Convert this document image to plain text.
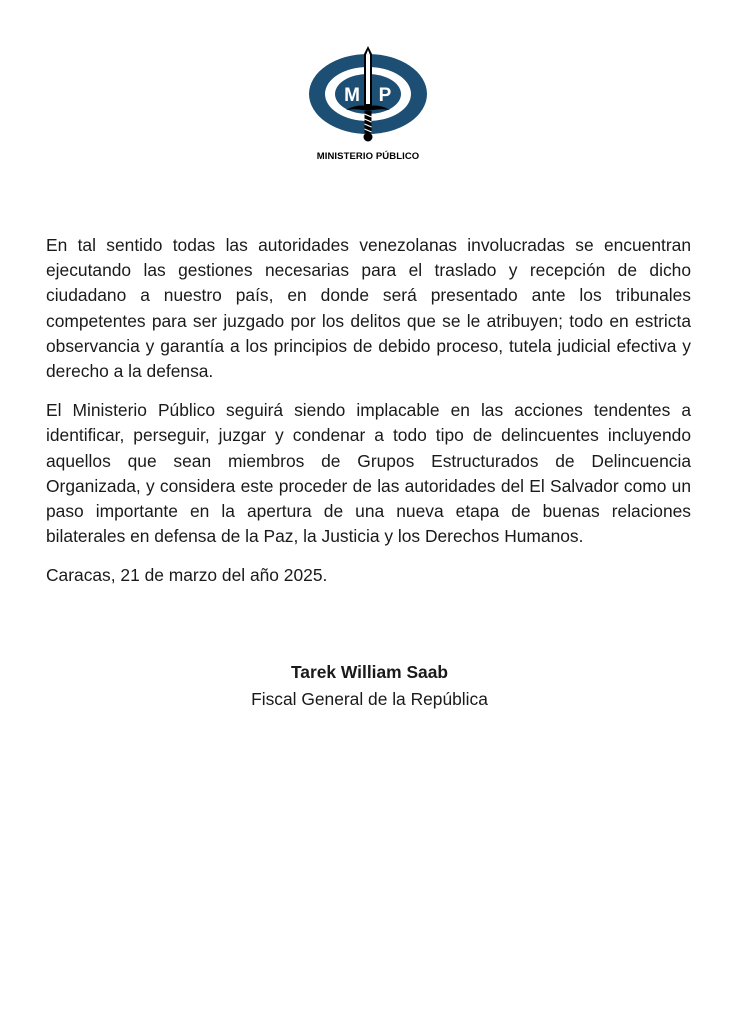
M P
MINISTERIO PÚBLICO

En tal sentido todas las autoridades venezolanas involucradas se encuentran ejecutando las gestiones necesarias para el traslado y recepción de dicho ciudadano a nuestro país, en donde será presentado ante los tribunales competentes para ser juzgado por los delitos que se le atribuyen; todo en estricta observancia y garantía a los principios de debido proceso, tutela judicial efectiva y derecho a la defensa.

El Ministerio Público seguirá siendo implacable en las acciones tendentes a identificar, perseguir, juzgar y condenar a todo tipo de delincuentes incluyendo aquellos que sean miembros de Grupos Estructurados de Delincuencia Organizada, y considera este proceder de las autoridades del El Salvador como un paso importante en la apertura de una nueva etapa de buenas relaciones bilaterales en defensa de la Paz, la Justicia y los Derechos Humanos.

Caracas, 21 de marzo del año 2025.

Tarek William Saab
Fiscal General de la República
